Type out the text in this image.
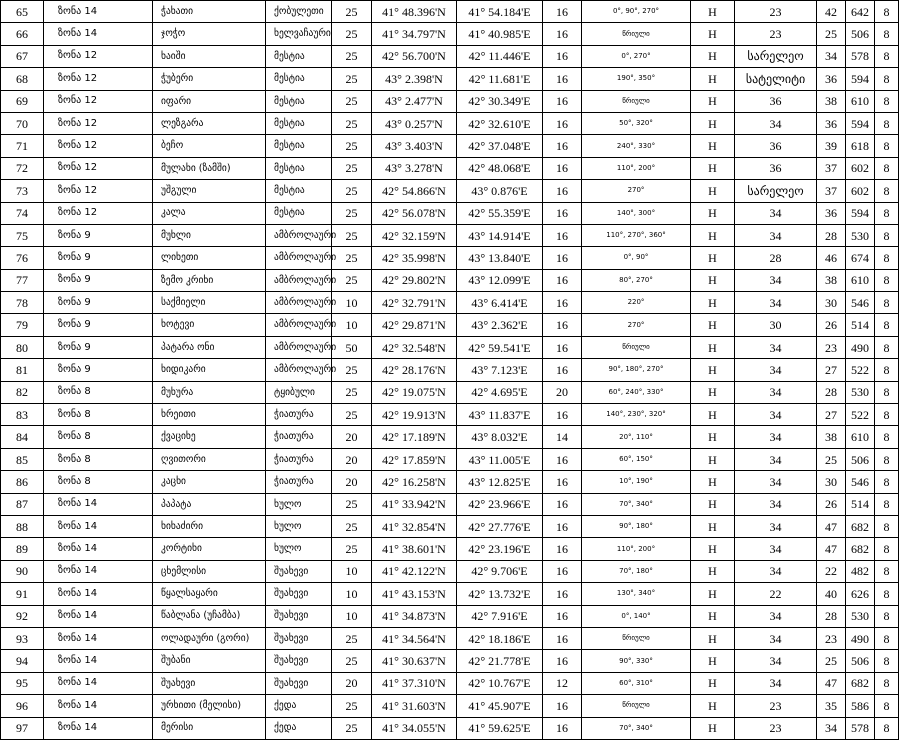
65	ზონა 14	ჭახათი	ქობულეთი	25	41° 48.396'N	41° 54.184'E	16	0°, 90°, 270°	H	23	42	642	8
66	ზონა 14	ჯოჭო	ხელვაჩაური	25	41° 34.797'N	41° 40.985'E	16	წრიული	H	23	25	506	8
67	ზონა 12	ხაიში	მესტია	25	42° 56.700'N	42° 11.446'E	16	0°, 270°	H	სარელეო	34	578	8
68	ზონა 12	ჭუბერი	მესტია	25	43° 2.398'N	42° 11.681'E	16	190°, 350°	H	სატელიტი	36	594	8
69	ზონა 12	იფარი	მესტია	25	43° 2.477'N	42° 30.349'E	16	წრიული	H	36	38	610	8
70	ზონა 12	ლეზგარა	მესტია	25	43° 0.257'N	42° 32.610'E	16	50°, 320°	H	34	36	594	8
71	ზონა 12	ბეჩო	მესტია	25	43° 3.403'N	42° 37.048'E	16	240°, 330°	H	36	39	618	8
72	ზონა 12	მულახი (ზამში)	მესტია	25	43° 3.278'N	42° 48.068'E	16	110°, 200°	H	36	37	602	8
73	ზონა 12	უშგული	მესტია	25	42° 54.866'N	43° 0.876'E	16	270°	H	სარელეო	37	602	8
74	ზონა 12	კალა	მესტია	25	42° 56.078'N	42° 55.359'E	16	140°, 300°	H	34	36	594	8
75	ზონა 9	მუხლი	ამბროლაური	25	42° 32.159'N	43° 14.914'E	16	110°, 270°, 360°	H	34	28	530	8
76	ზონა 9	ლიხეთი	ამბროლაური	25	42° 35.998'N	43° 13.840'E	16	0°, 90°	H	28	46	674	8
77	ზონა 9	ზემო კრიხი	ამბროლაური	25	42° 29.802'N	43° 12.099'E	16	80°, 270°	H	34	38	610	8
78	ზონა 9	საქმიელი	ამბროლაური	10	42° 32.791'N	43° 6.414'E	16	220°	H	34	30	546	8
79	ზონა 9	ხოტევი	ამბროლაური	10	42° 29.871'N	43° 2.362'E	16	270°	H	30	26	514	8
80	ზონა 9	პატარა ონი	ამბროლაური	50	42° 32.548'N	42° 59.541'E	16	წრიული	H	34	23	490	8
81	ზონა 9	ხიდიკარი	ამბროლაური	25	42° 28.176'N	43° 7.123'E	16	90°, 180°, 270°	H	34	27	522	8
82	ზონა 8	მუხურა	ტყიბული	25	42° 19.075'N	42° 4.695'E	20	60°, 240°, 330°	H	34	28	530	8
83	ზონა 8	ხრეითი	ჭიათურა	25	42° 19.913'N	43° 11.837'E	16	140°, 230°, 320°	H	34	27	522	8
84	ზონა 8	ქვაციხე	ჭიათურა	20	42° 17.189'N	43° 8.032'E	14	20°, 110°	H	34	38	610	8
85	ზონა 8	ღვითორი	ჭიათურა	20	42° 17.859'N	43° 11.005'E	16	60°, 150°	H	34	25	506	8
86	ზონა 8	კაცხი	ჭიათურა	20	42° 16.258'N	43° 12.825'E	16	10°, 190°	H	34	30	546	8
87	ზონა 14	პაპატა	ხულო	25	41° 33.942'N	42° 23.966'E	16	70°, 340°	H	34	26	514	8
88	ზონა 14	ხიხაძირი	ხულო	25	41° 32.854'N	42° 27.776'E	16	90°, 180°	H	34	47	682	8
89	ზონა 14	კორტიხი	ხულო	25	41° 38.601'N	42° 23.196'E	16	110°, 200°	H	34	47	682	8
90	ზონა 14	ცხემლისი	შუახევი	10	41° 42.122'N	42° 9.706'E	16	70°, 180°	H	34	22	482	8
91	ზონა 14	წყალსაყარი	შუახევი	10	41° 43.153'N	42° 13.732'E	16	130°, 340°	H	22	40	626	8
92	ზონა 14	წაბლანა (უჩამბა)	შუახევი	10	41° 34.873'N	42° 7.916'E	16	0°, 140°	H	34	28	530	8
93	ზონა 14	ოლადაური (გორი)	შუახევი	25	41° 34.564'N	42° 18.186'E	16	წრიული	H	34	23	490	8
94	ზონა 14	შუბანი	შუახევი	25	41° 30.637'N	42° 21.778'E	16	90°, 330°	H	34	25	506	8
95	ზონა 14	შუახევი	შუახევი	20	41° 37.310'N	42° 10.767'E	12	60°, 310°	H	34	47	682	8
96	ზონა 14	ურხითი (მელისი)	ქედა	25	41° 31.603'N	41° 45.907'E	16	წრიული	H	23	35	586	8
97	ზონა 14	მერისი	ქედა	25	41° 34.055'N	41° 59.625'E	16	70°, 340°	H	23	34	578	8
